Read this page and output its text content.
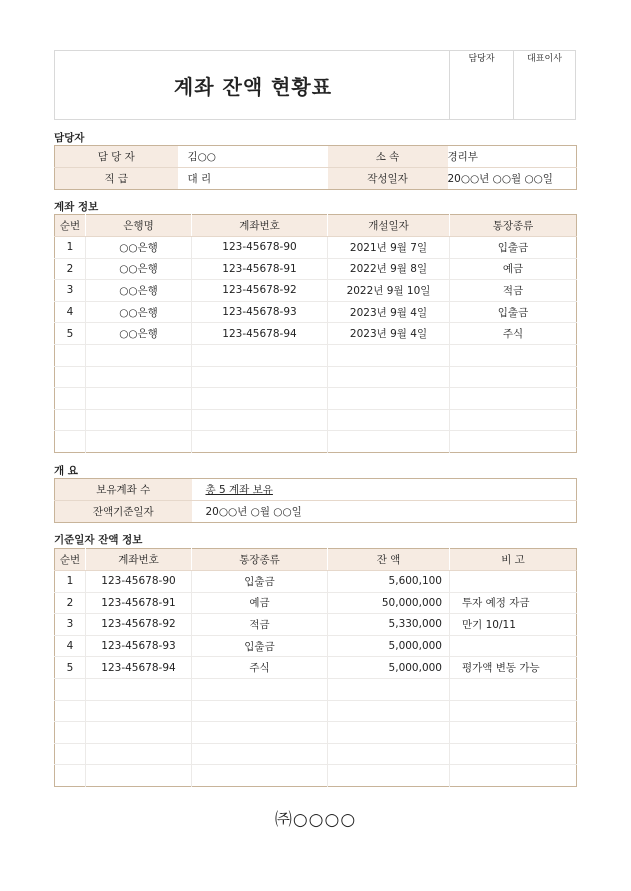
계좌 잔액 현황표
담당자	대표이사
담당자
담 당 자	김○○	소 속	경리부
직 급	대 리	작성일자	20○○년 ○○월 ○○일
계좌 정보
순번	은행명	계좌번호	개설일자	통장종류
1	○○은행	123-45678-90	2021년 9월 7일	입출금
2	○○은행	123-45678-91	2022년 9월 8일	예금
3	○○은행	123-45678-92	2022년 9월 10일	적금
4	○○은행	123-45678-93	2023년 9월 4일	입출금
5	○○은행	123-45678-94	2023년 9월 4일	주식

개 요
보유계좌 수	총 5 계좌 보유
잔액기준일자	20○○년 ○월 ○○일
기준일자 잔액 정보
순번	계좌번호	통장종류	잔 액	비 고
1	123-45678-90	입출금	5,600,100	
2	123-45678-91	예금	50,000,000	투자 예정 자금
3	123-45678-92	적금	5,330,000	만기 10/11
4	123-45678-93	입출금	5,000,000	
5	123-45678-94	주식	5,000,000	평가액 변동 가능

㈜○○○○
